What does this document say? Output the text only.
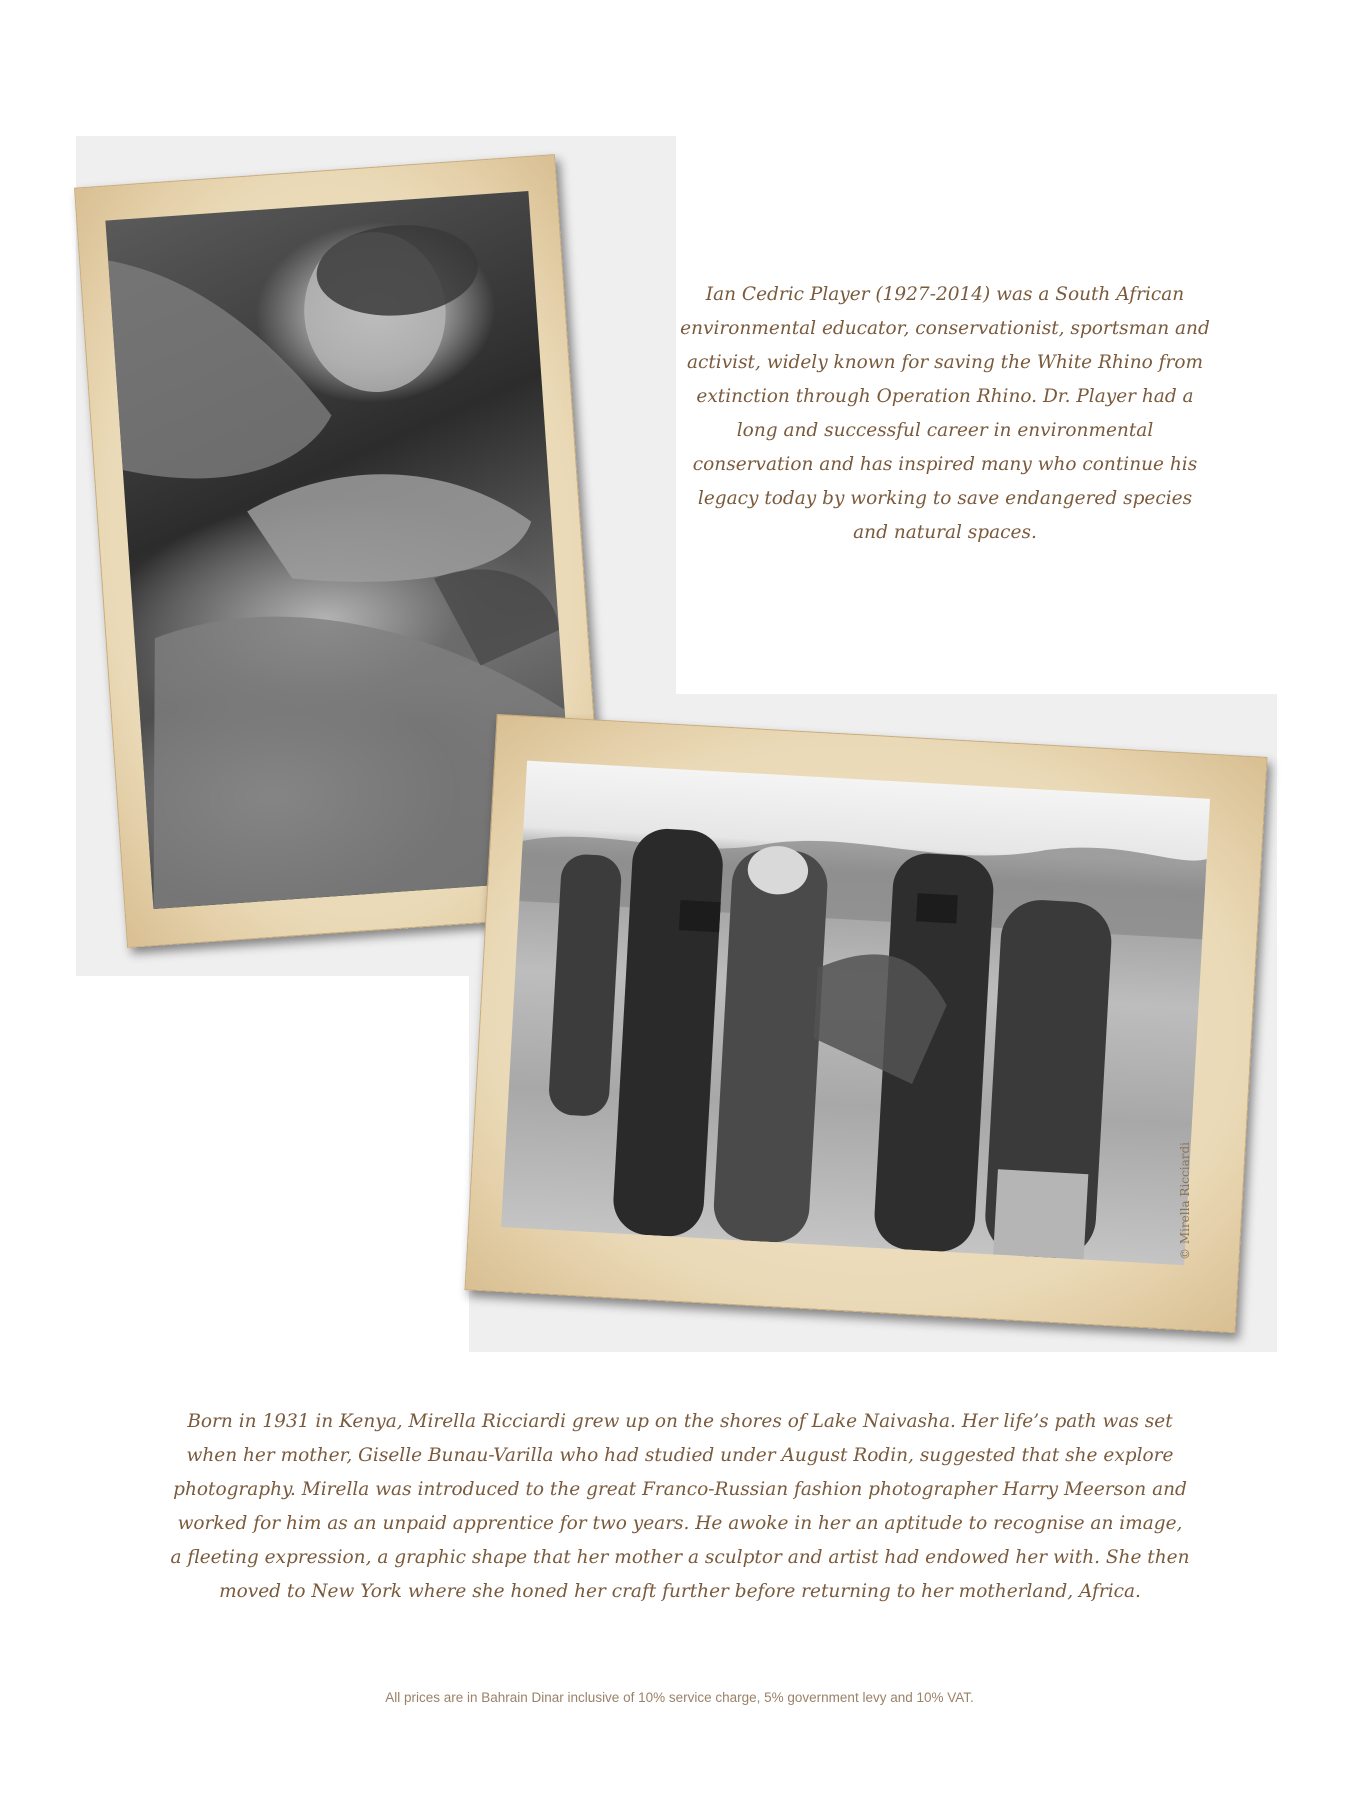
© Mirella Ricciardi

Ian Cedric Player (1927-2014) was a South African environmental educator, conservationist, sportsman and activist, widely known for saving the White Rhino from extinction through Operation Rhino. Dr. Player had a long and successful career in environmental conservation and has inspired many who continue his legacy today by working to save endangered species and natural spaces.

Born in 1931 in Kenya, Mirella Ricciardi grew up on the shores of Lake Naivasha. Her life’s path was set when her mother, Giselle Bunau-Varilla who had studied under August Rodin, suggested that she explore photography. Mirella was introduced to the great Franco-Russian fashion photographer Harry Meerson and worked for him as an unpaid apprentice for two years. He awoke in her an aptitude to recognise an image, a fleeting expression, a graphic shape that her mother a sculptor and artist had endowed her with. She then moved to New York where she honed her craft further before returning to her motherland, Africa.

All prices are in Bahrain Dinar inclusive of 10% service charge, 5% government levy and 10% VAT.
